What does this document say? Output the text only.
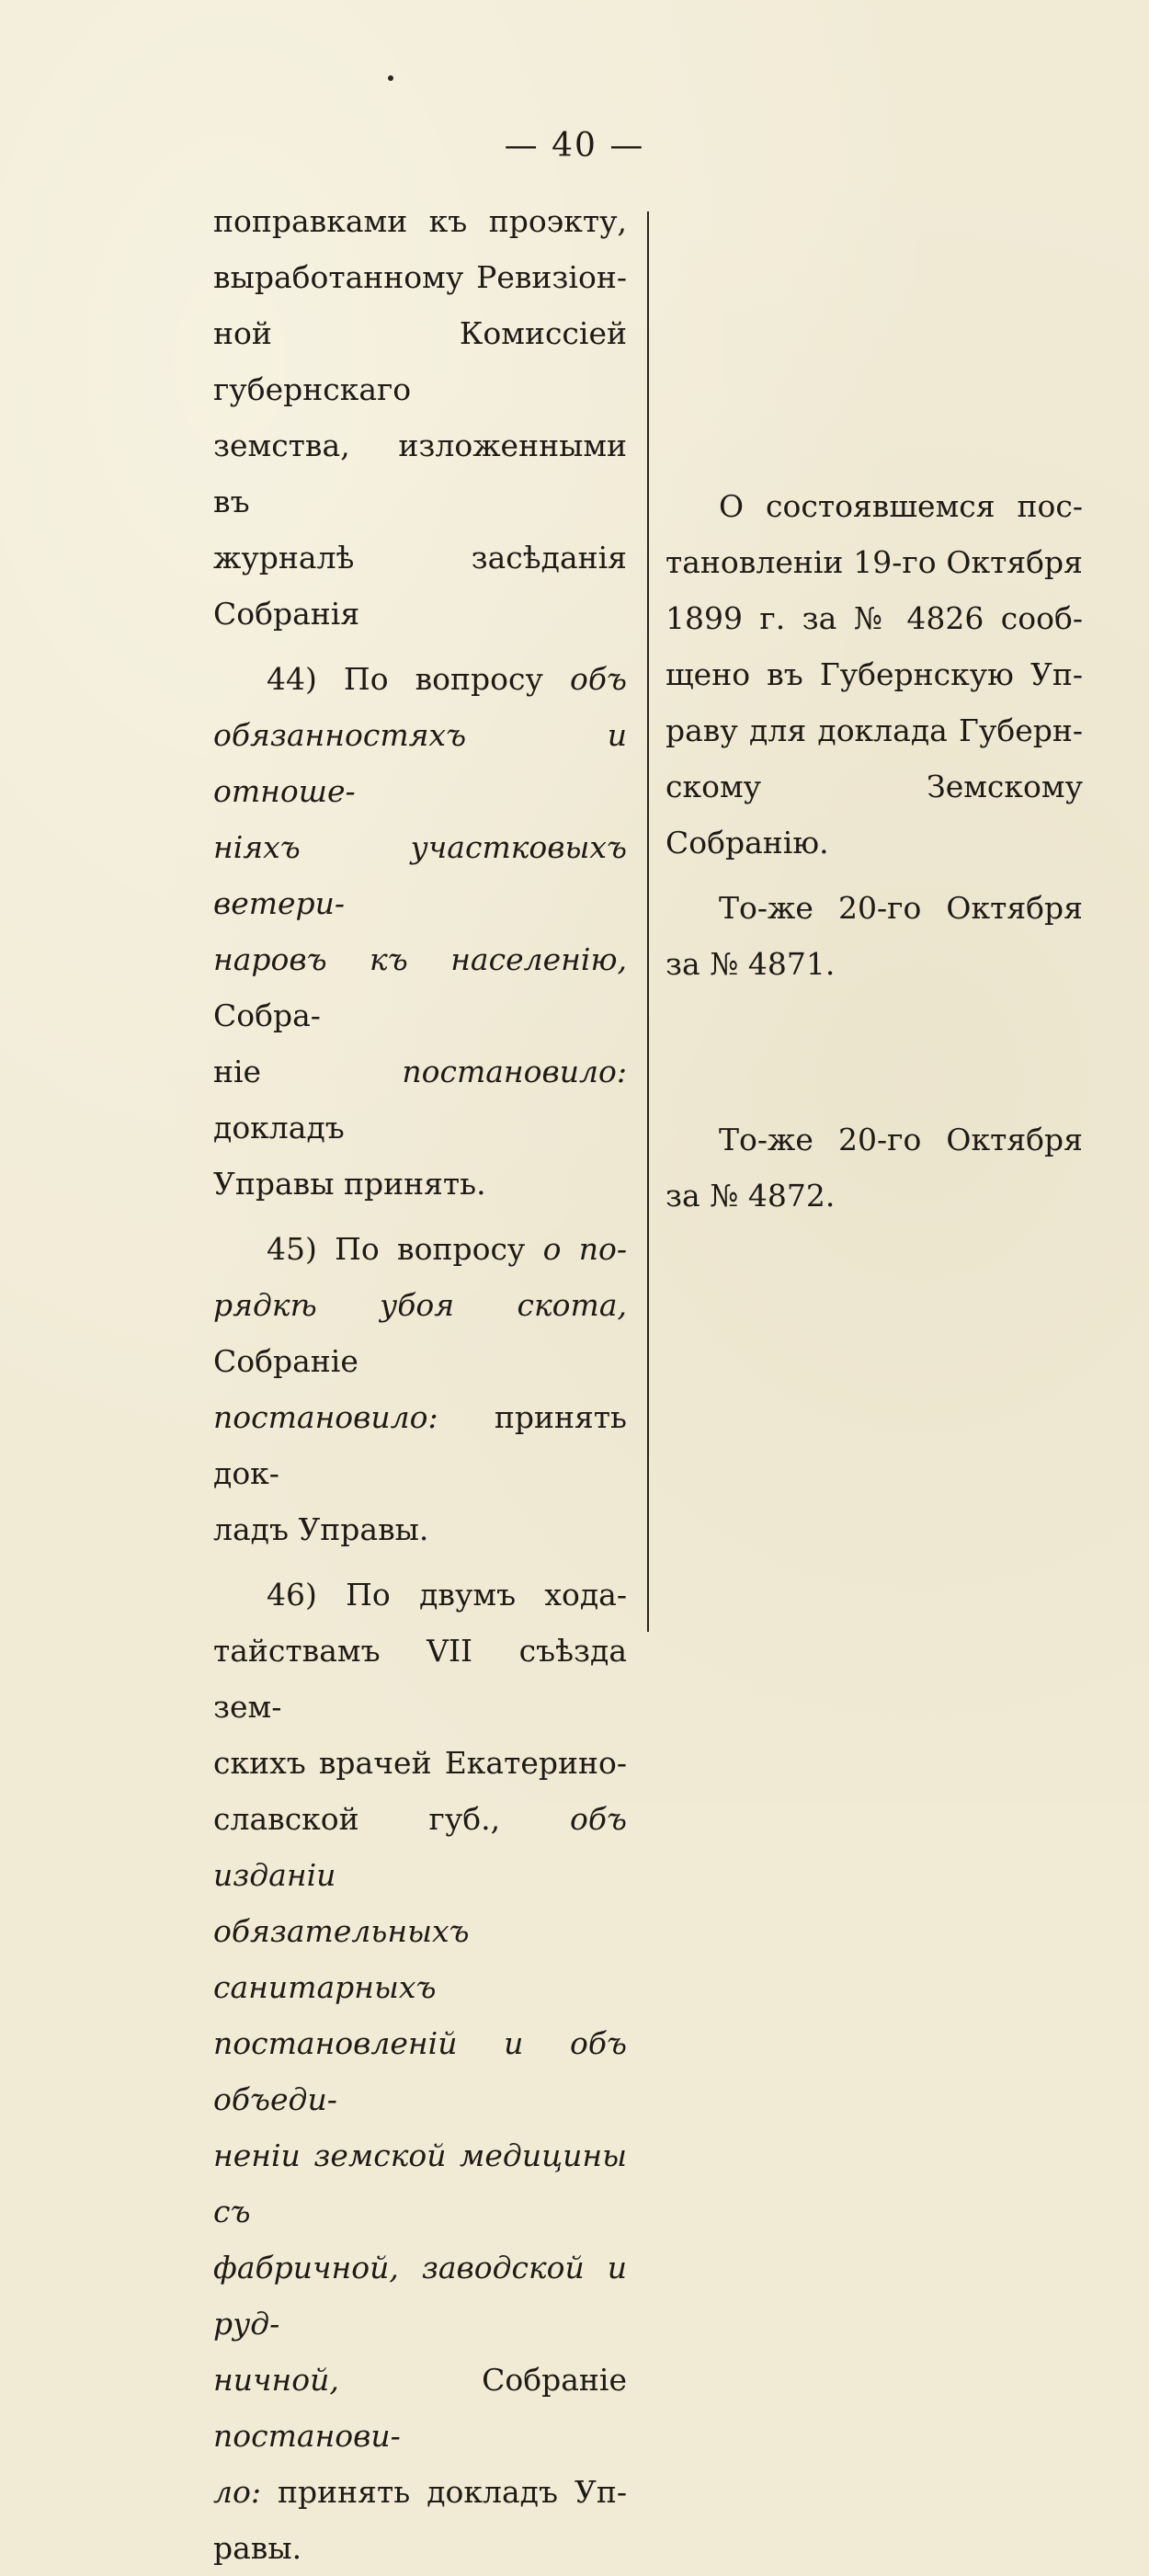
— 40 —
поправками къ проэкту,
выработанному Ревизіон-
ной Комиссіей губернскаго
земства, изложенными въ
журналѣ засѣданія Собранія
44) По вопросу объ
обязанностяхъ и отноше-
ніяхъ участковыхъ ветери-
наровъ къ населенію, Собра-
ніе постановило: докладъ
Управы принять.
45) По вопросу о по-
рядкѣ убоя скота, Собраніе
постановило: принять док-
ладъ Управы.
46) По двумъ хода-
тайствамъ VII съѣзда зем-
скихъ врачей Екатерино-
славской губ., объ изданіи
обязательныхъ санитарныхъ
постановленій и объ объеди-
неніи земской медицины съ
фабричной, заводской и руд-
ничной, Собраніе постанови-
ло: принять докладъ Уп-
равы.
О состоявшемся пос-
тановленіи 19-го Октября
1899 г. за № 4826 сооб-
щено въ Губернскую Уп-
раву для доклада Губерн-
скому Земскому Собранію.
То-же 20-го Октября
за № 4871.
То-же 20-го Октября
за № 4872.
